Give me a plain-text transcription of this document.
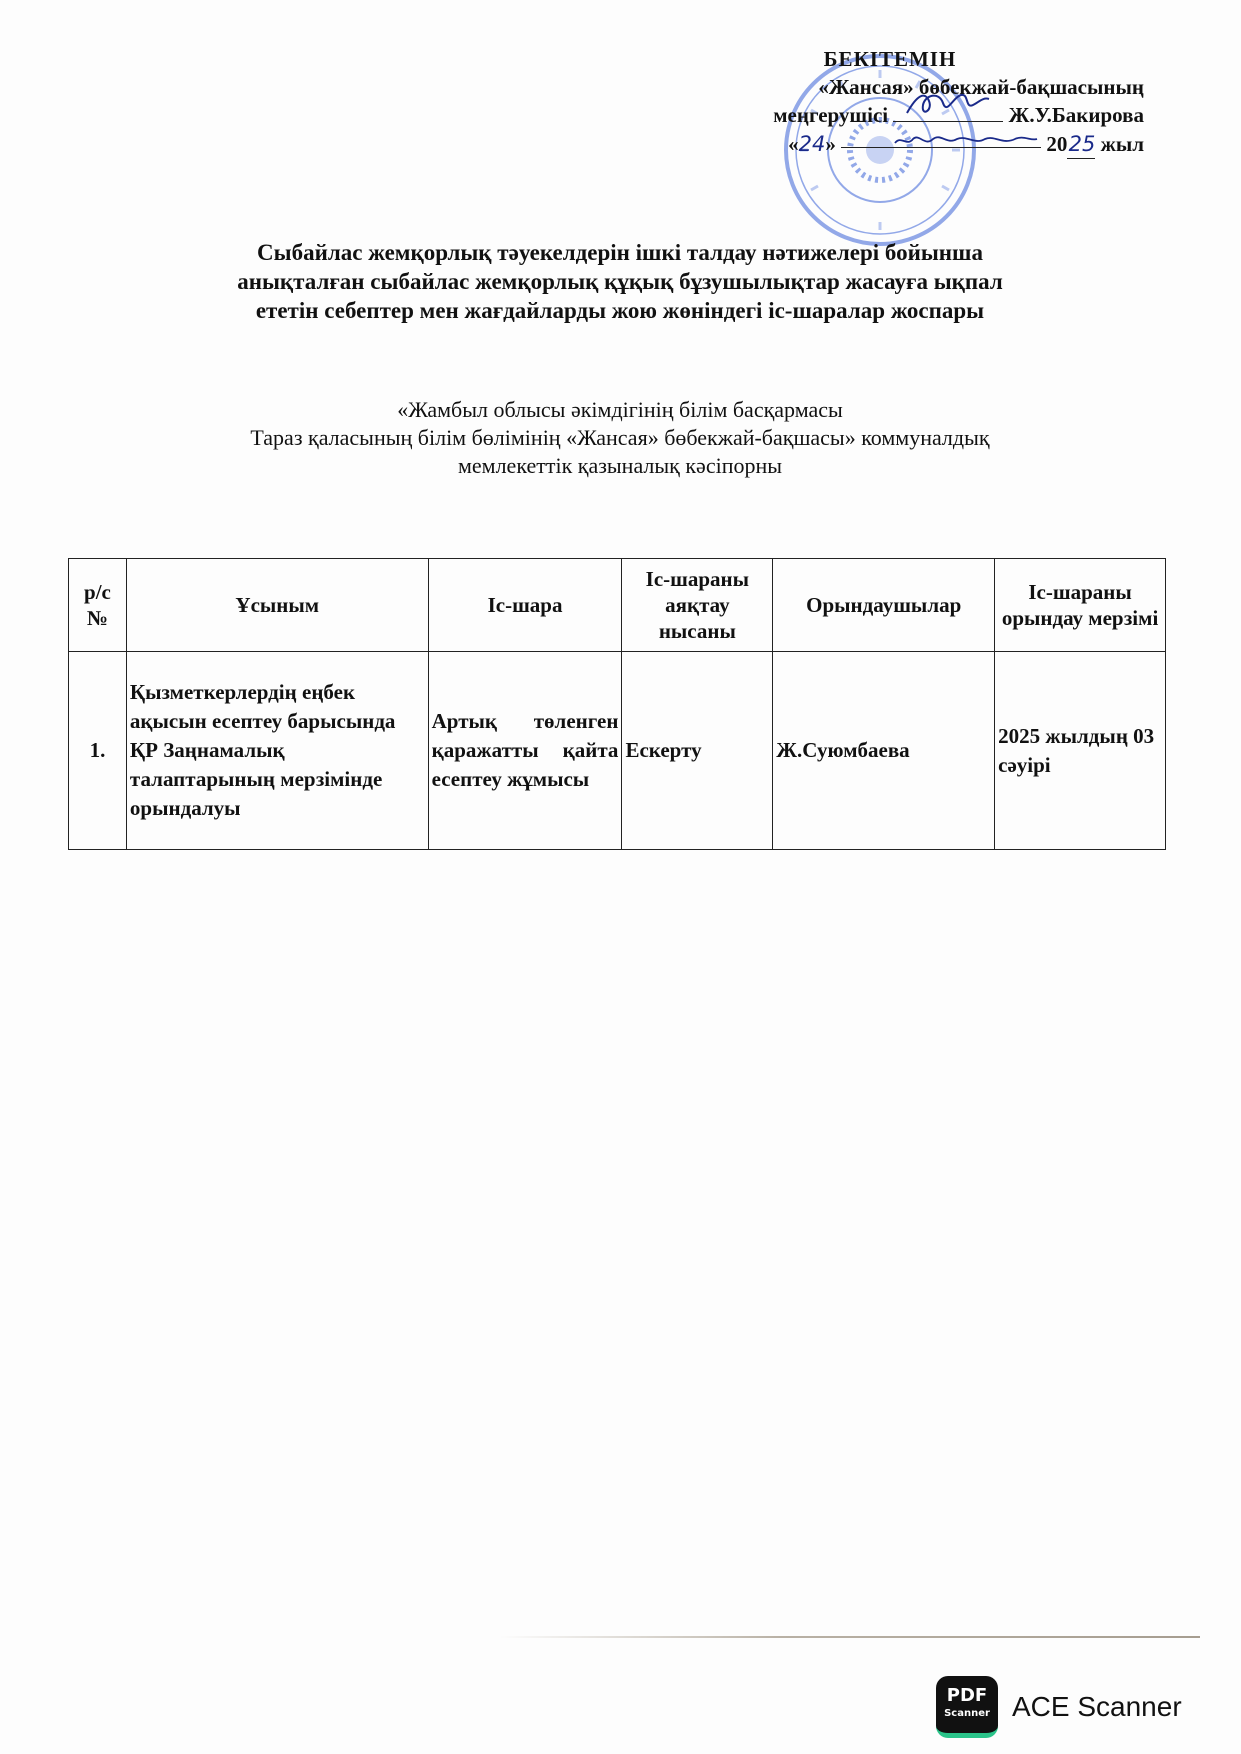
БЕКІТЕМІН
«Жансая» бөбекжай-бақшасының
меңгерушісі	Ж.У.Бакирова
«24»	2025 жыл
Сыбайлас жемқорлық тәуекелдерін ішкі талдау нәтижелері бойынша
анықталған сыбайлас жемқорлық құқық бұзушылықтар жасауға ықпал
ететін себептер мен жағдайларды жою жөніндегі іс-шаралар жоспары
«Жамбыл облысы әкімдігінің білім басқармасы
Тараз қаласының білім бөлімінің «Жансая» бөбекжай-бақшасы» коммуналдық
мемлекеттік қазыналық кәсіпорны
р/с №	Ұсыным	Іс-шара	Іс-шараны аяқтау нысаны	Орындаушылар	Іс-шараны орындау мерзімі
1.	Қызметкерлердің еңбек ақысын есептеу барысында ҚР Заңнамалық талаптарының мерзімінде орындалуы	Артық төленген қаражатты қайта есептеу жұмысы	Ескерту	Ж.Суюмбаева	2025 жылдың 03 сәуірі
PDF
Scanner ACE Scanner
